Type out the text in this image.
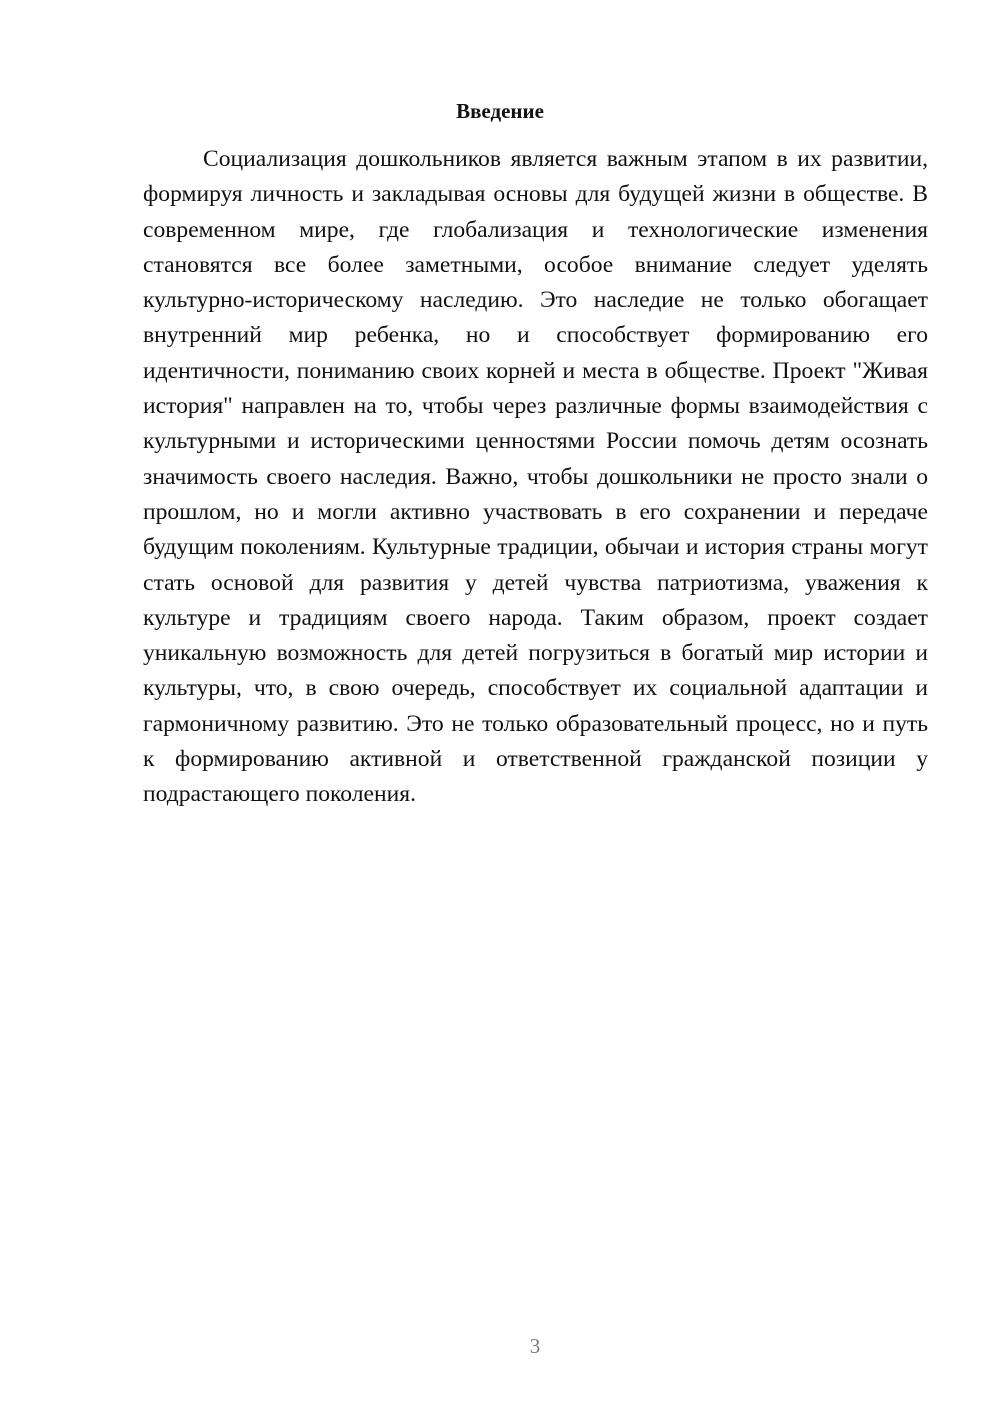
Введение

Социализация дошкольников является важным этапом в их развитии, формируя личность и закладывая основы для будущей жизни в обществе. В современном мире, где глобализация и технологические изменения становятся все более заметными, особое внимание следует уделять культурно-историческому наследию. Это наследие не только обогащает внутренний мир ребенка, но и способствует формированию его идентичности, пониманию своих корней и места в обществе. Проект "Живая история" направлен на то, чтобы через различные формы взаимодействия с культурными и историческими ценностями России помочь детям осознать значимость своего наследия. Важно, чтобы дошкольники не просто знали о прошлом, но и могли активно участвовать в его сохранении и передаче будущим поколениям. Культурные традиции, обычаи и история страны могут стать основой для развития у детей чувства патриотизма, уважения к культуре и традициям своего народа. Таким образом, проект создает уникальную возможность для детей погрузиться в богатый мир истории и культуры, что, в свою очередь, способствует их социальной адаптации и гармоничному развитию. Это не только образовательный процесс, но и путь к формированию активной и ответственной гражданской позиции у подрастающего поколения.

3
